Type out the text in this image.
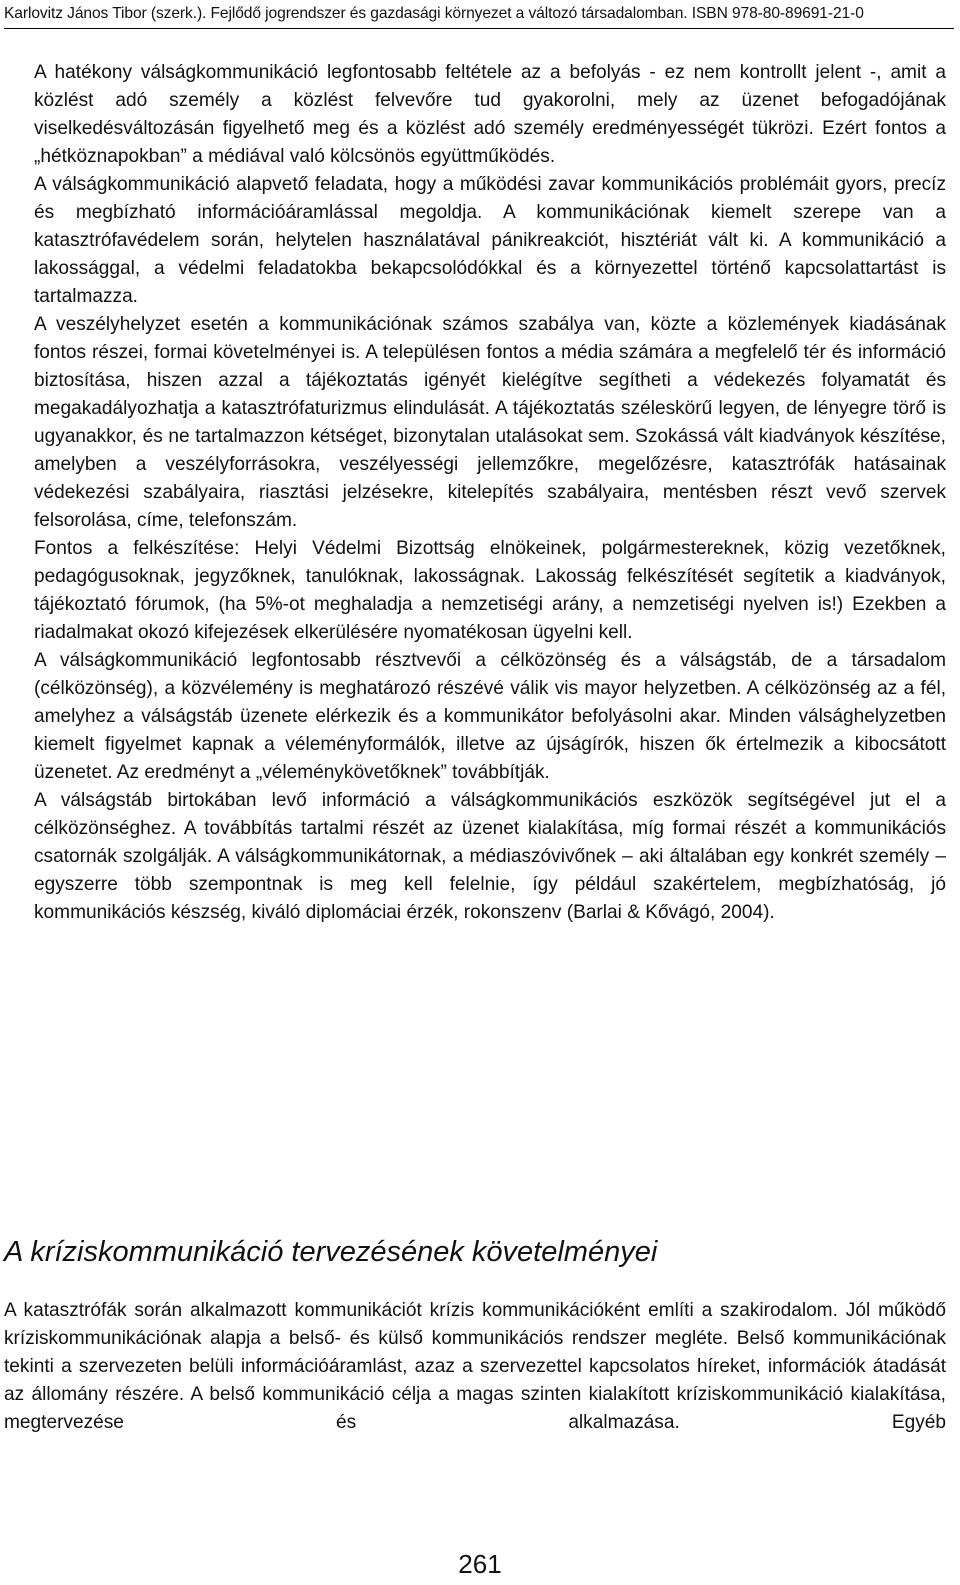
Karlovitz János Tibor (szerk.). Fejlődő jogrendszer és gazdasági környezet a változó társadalomban. ISBN 978-80-89691-21-0

A hatékony válságkommunikáció legfontosabb feltétele az a befolyás - ez nem kontrollt jelent -, amit a közlést adó személy a közlést felvevőre tud gyakorolni, mely az üzenet befogadójának viselkedésváltozásán figyelhető meg és a közlést adó személy eredményességét tükrözi. Ezért fontos a „hétköznapokban” a médiával való kölcsönös együttműködés.

A válságkommunikáció alapvető feladata, hogy a működési zavar kommunikációs problémáit gyors, precíz és megbízható információáramlással megoldja. A kommunikációnak kiemelt szerepe van a katasztrófavédelem során, helytelen használatával pánikreakciót, hisztériát vált ki. A kommunikáció a lakossággal, a védelmi feladatokba bekapcsolódókkal és a környezettel történő kapcsolattartást is tartalmazza.

A veszélyhelyzet esetén a kommunikációnak számos szabálya van, közte a közlemények kiadásának fontos részei, formai követelményei is. A településen fontos a média számára a megfelelő tér és információ biztosítása, hiszen azzal a tájékoztatás igényét kielégítve segítheti a védekezés folyamatát és megakadályozhatja a katasztrófaturizmus elindulását. A tájékoztatás széleskörű legyen, de lényegre törő is ugyanakkor, és ne tartalmazzon kétséget, bizonytalan utalásokat sem. Szokássá vált kiadványok készítése, amelyben a veszélyforrásokra, veszélyességi jellemzőkre, megelőzésre, katasztrófák hatásainak védekezési szabályaira, riasztási jelzésekre, kitelepítés szabályaira, mentésben részt vevő szervek felsorolása, címe, telefonszám.

Fontos a felkészítése: Helyi Védelmi Bizottság elnökeinek, polgármestereknek, közig vezetőknek, pedagógusoknak, jegyzőknek, tanulóknak, lakosságnak. Lakosság felkészítését segítetik a kiadványok, tájékoztató fórumok, (ha 5%-ot meghaladja a nemzetiségi arány, a nemzetiségi nyelven is!) Ezekben a riadalmakat okozó kifejezések elkerülésére nyomatékosan ügyelni kell.

A válságkommunikáció legfontosabb résztvevői a célközönség és a válságstáb, de a társadalom (célközönség), a közvélemény is meghatározó részévé válik vis mayor helyzetben. A célközönség az a fél, amelyhez a válságstáb üzenete elérkezik és a kommunikátor befolyásolni akar. Minden válsághelyzetben kiemelt figyelmet kapnak a véleményformálók, illetve az újságírók, hiszen ők értelmezik a kibocsátott üzenetet. Az eredményt a „véleménykövetőknek” továbbítják.

A válságstáb birtokában levő információ a válságkommunikációs eszközök segítségével jut el a célközönséghez. A továbbítás tartalmi részét az üzenet kialakítása, míg formai részét a kommunikációs csatornák szolgálják. A válságkommunikátornak, a médiaszóvivőnek – aki általában egy konkrét személy – egyszerre több szempontnak is meg kell felelnie, így például szakértelem, megbízhatóság, jó kommunikációs készség, kiváló diplomáciai érzék, rokonszenv (Barlai & Kővágó, 2004).

A kríziskommunikáció tervezésének követelményei

A katasztrófák során alkalmazott kommunikációt krízis kommunikációként említi a szakirodalom. Jól működő kríziskommunikációnak alapja a belső- és külső kommunikációs rendszer megléte. Belső kommunikációnak tekinti a szervezeten belüli információáramlást, azaz a szervezettel kapcsolatos híreket, információk átadását az állomány részére. A belső kommunikáció célja a magas szinten kialakított kríziskommunikáció kialakítása, megtervezése és alkalmazása. Egyéb

261
